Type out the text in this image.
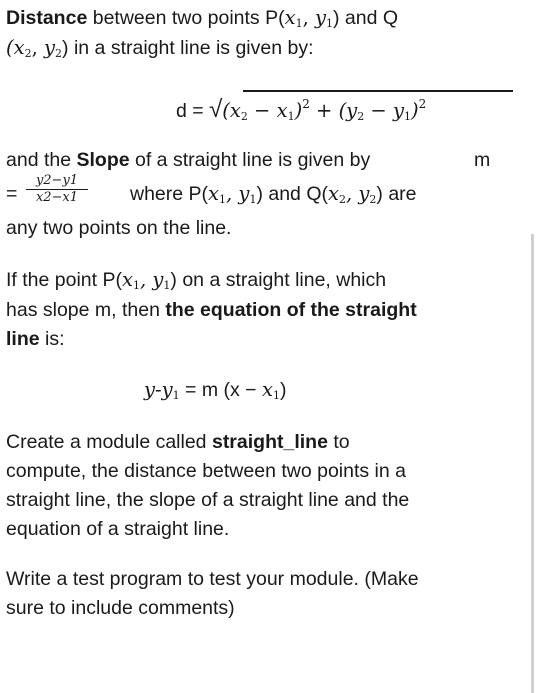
Distance between two points $P(x_1$, $y_1$) and Q
($x_2$, $y_2$) in a straight line is given by:
$d = √(x_2 - x_1)^2 + (y_2 - y_1)^2$
and the Slope of a straight line is given by	m
=
y2−y1
x2−x1	where $P(x_1$, $y_1$) and $Q(x_2$, $y_2$) are
any two points on the line.
If the point $P(x_1$, $y_1$) on a straight line, which
has slope m, then the equation of the straight
line is:
$y-y_1 = m$ $(x - x_1)$
Create a module called straight_line to
compute, the distance between two points in a
straight line, the slope of a straight line and the
equation of a straight line.
Write a test program to test your module. (Make
sure to include comments)
